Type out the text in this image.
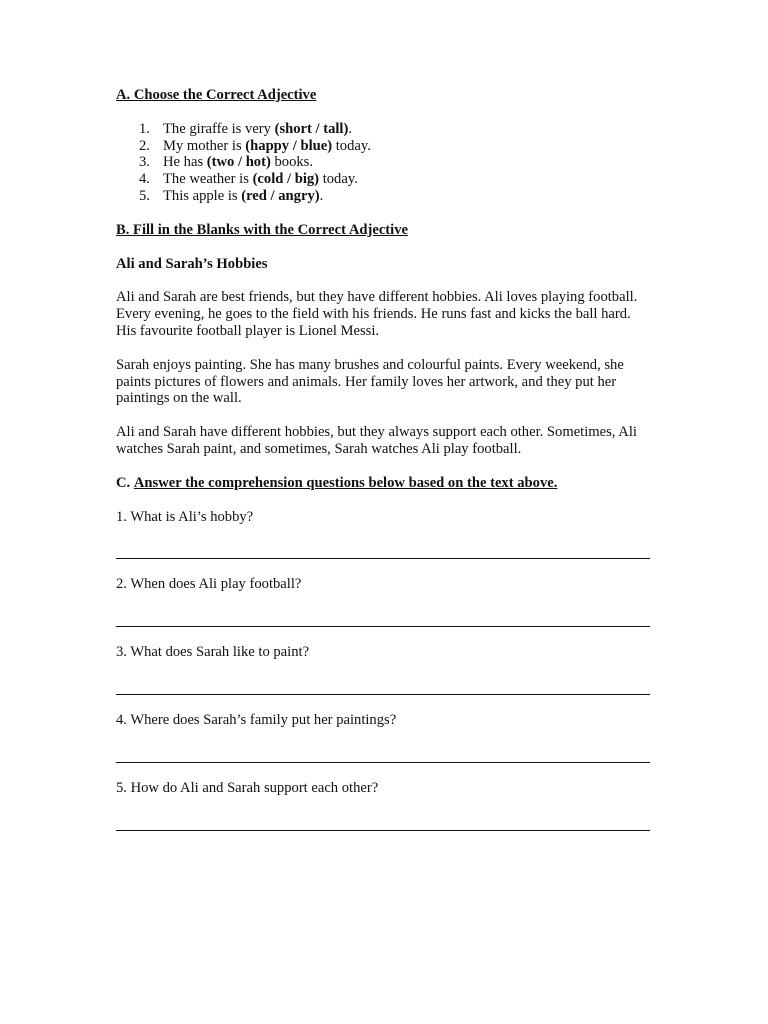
A. Choose the Correct Adjective

1. The giraffe is very (short / tall).
2. My mother is (happy / blue) today.
3. He has (two / hot) books.
4. The weather is (cold / big) today.
5. This apple is (red / angry).

B. Fill in the Blanks with the Correct Adjective

Ali and Sarah’s Hobbies

Ali and Sarah are best friends, but they have different hobbies. Ali loves playing football. Every evening, he goes to the field with his friends. He runs fast and kicks the ball hard. His favourite football player is Lionel Messi.

Sarah enjoys painting. She has many brushes and colourful paints. Every weekend, she paints pictures of flowers and animals. Her family loves her artwork, and they put her paintings on the wall.

Ali and Sarah have different hobbies, but they always support each other. Sometimes, Ali watches Sarah paint, and sometimes, Sarah watches Ali play football.

C. Answer the comprehension questions below based on the text above.

1. What is Ali’s hobby?

2. When does Ali play football?

3. What does Sarah like to paint?

4. Where does Sarah’s family put her paintings?

5. How do Ali and Sarah support each other?
